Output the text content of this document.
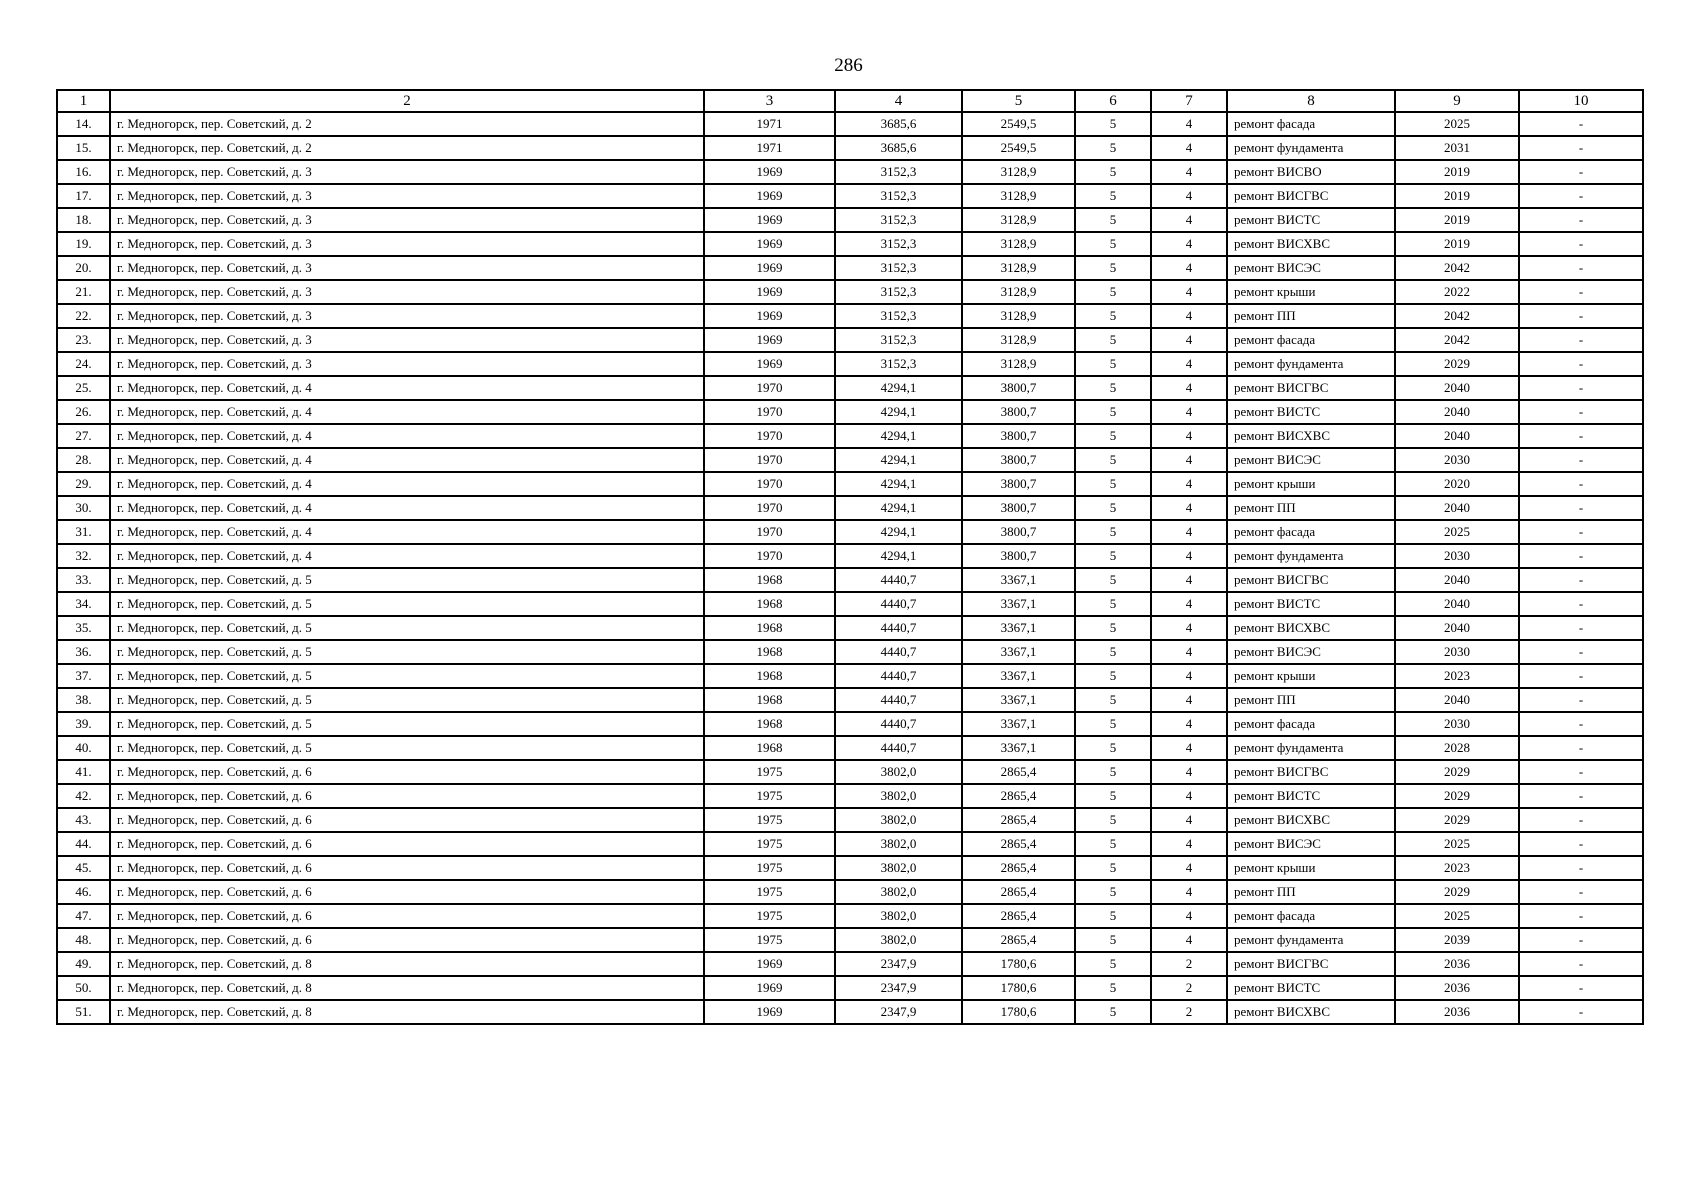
286
1	2	3	4	5	6	7	8	9	10
14.	г. Медногорск, пер. Советский, д. 2	1971	3685,6	2549,5	5	4	ремонт фасада	2025	-
15.	г. Медногорск, пер. Советский, д. 2	1971	3685,6	2549,5	5	4	ремонт фундамента	2031	-
16.	г. Медногорск, пер. Советский, д. 3	1969	3152,3	3128,9	5	4	ремонт ВИСВО	2019	-
17.	г. Медногорск, пер. Советский, д. 3	1969	3152,3	3128,9	5	4	ремонт ВИСГВС	2019	-
18.	г. Медногорск, пер. Советский, д. 3	1969	3152,3	3128,9	5	4	ремонт ВИСТС	2019	-
19.	г. Медногорск, пер. Советский, д. 3	1969	3152,3	3128,9	5	4	ремонт ВИСХВС	2019	-
20.	г. Медногорск, пер. Советский, д. 3	1969	3152,3	3128,9	5	4	ремонт ВИСЭС	2042	-
21.	г. Медногорск, пер. Советский, д. 3	1969	3152,3	3128,9	5	4	ремонт крыши	2022	-
22.	г. Медногорск, пер. Советский, д. 3	1969	3152,3	3128,9	5	4	ремонт ПП	2042	-
23.	г. Медногорск, пер. Советский, д. 3	1969	3152,3	3128,9	5	4	ремонт фасада	2042	-
24.	г. Медногорск, пер. Советский, д. 3	1969	3152,3	3128,9	5	4	ремонт фундамента	2029	-
25.	г. Медногорск, пер. Советский, д. 4	1970	4294,1	3800,7	5	4	ремонт ВИСГВС	2040	-
26.	г. Медногорск, пер. Советский, д. 4	1970	4294,1	3800,7	5	4	ремонт ВИСТС	2040	-
27.	г. Медногорск, пер. Советский, д. 4	1970	4294,1	3800,7	5	4	ремонт ВИСХВС	2040	-
28.	г. Медногорск, пер. Советский, д. 4	1970	4294,1	3800,7	5	4	ремонт ВИСЭС	2030	-
29.	г. Медногорск, пер. Советский, д. 4	1970	4294,1	3800,7	5	4	ремонт крыши	2020	-
30.	г. Медногорск, пер. Советский, д. 4	1970	4294,1	3800,7	5	4	ремонт ПП	2040	-
31.	г. Медногорск, пер. Советский, д. 4	1970	4294,1	3800,7	5	4	ремонт фасада	2025	-
32.	г. Медногорск, пер. Советский, д. 4	1970	4294,1	3800,7	5	4	ремонт фундамента	2030	-
33.	г. Медногорск, пер. Советский, д. 5	1968	4440,7	3367,1	5	4	ремонт ВИСГВС	2040	-
34.	г. Медногорск, пер. Советский, д. 5	1968	4440,7	3367,1	5	4	ремонт ВИСТС	2040	-
35.	г. Медногорск, пер. Советский, д. 5	1968	4440,7	3367,1	5	4	ремонт ВИСХВС	2040	-
36.	г. Медногорск, пер. Советский, д. 5	1968	4440,7	3367,1	5	4	ремонт ВИСЭС	2030	-
37.	г. Медногорск, пер. Советский, д. 5	1968	4440,7	3367,1	5	4	ремонт крыши	2023	-
38.	г. Медногорск, пер. Советский, д. 5	1968	4440,7	3367,1	5	4	ремонт ПП	2040	-
39.	г. Медногорск, пер. Советский, д. 5	1968	4440,7	3367,1	5	4	ремонт фасада	2030	-
40.	г. Медногорск, пер. Советский, д. 5	1968	4440,7	3367,1	5	4	ремонт фундамента	2028	-
41.	г. Медногорск, пер. Советский, д. 6	1975	3802,0	2865,4	5	4	ремонт ВИСГВС	2029	-
42.	г. Медногорск, пер. Советский, д. 6	1975	3802,0	2865,4	5	4	ремонт ВИСТС	2029	-
43.	г. Медногорск, пер. Советский, д. 6	1975	3802,0	2865,4	5	4	ремонт ВИСХВС	2029	-
44.	г. Медногорск, пер. Советский, д. 6	1975	3802,0	2865,4	5	4	ремонт ВИСЭС	2025	-
45.	г. Медногорск, пер. Советский, д. 6	1975	3802,0	2865,4	5	4	ремонт крыши	2023	-
46.	г. Медногорск, пер. Советский, д. 6	1975	3802,0	2865,4	5	4	ремонт ПП	2029	-
47.	г. Медногорск, пер. Советский, д. 6	1975	3802,0	2865,4	5	4	ремонт фасада	2025	-
48.	г. Медногорск, пер. Советский, д. 6	1975	3802,0	2865,4	5	4	ремонт фундамента	2039	-
49.	г. Медногорск, пер. Советский, д. 8	1969	2347,9	1780,6	5	2	ремонт ВИСГВС	2036	-
50.	г. Медногорск, пер. Советский, д. 8	1969	2347,9	1780,6	5	2	ремонт ВИСТС	2036	-
51.	г. Медногорск, пер. Советский, д. 8	1969	2347,9	1780,6	5	2	ремонт ВИСХВС	2036	-
